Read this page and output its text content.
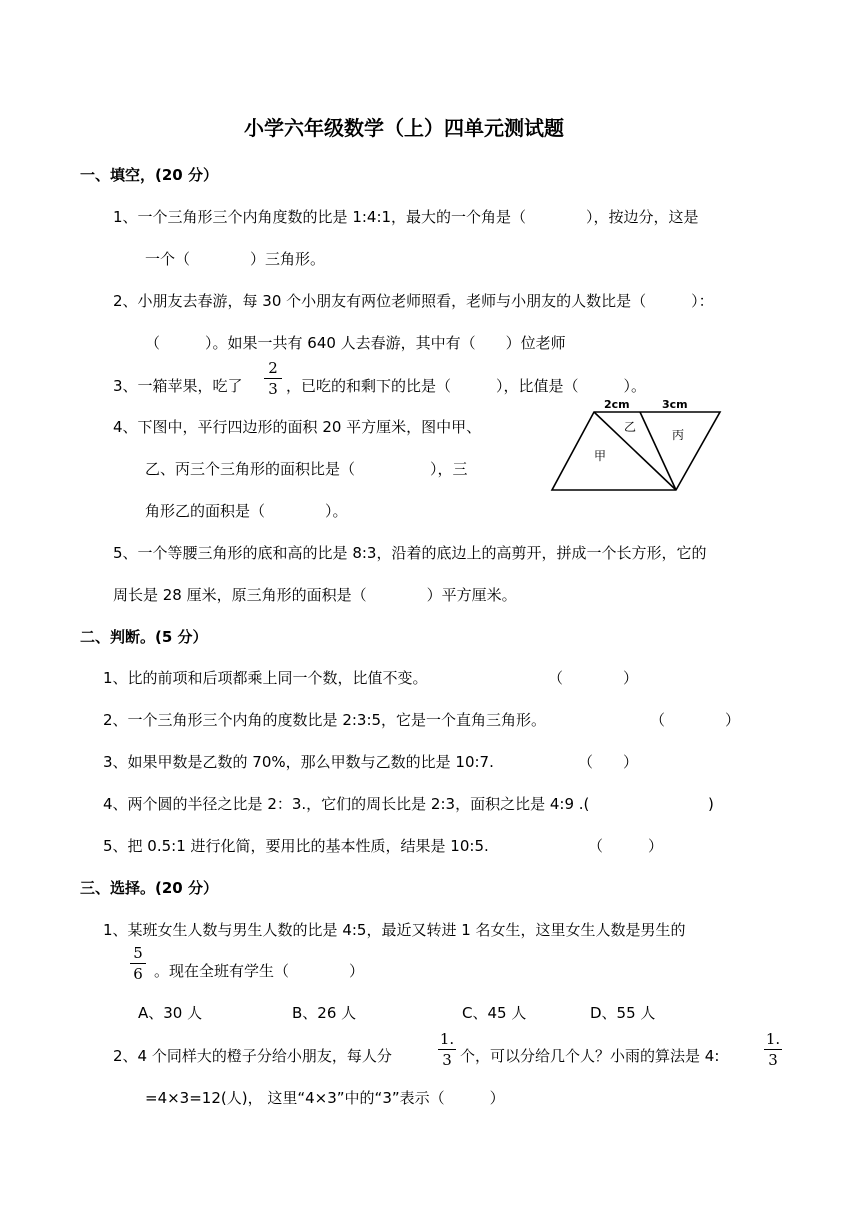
小学六年级数学（上）四单元测试题
一、填空，(20 分）
1、一个三角形三个内角度数的比是 1:4:1，最大的一个角是（　　　　），按边分，这是
一个（　　　　）三角形。
2、小朋友去春游，每 30 个小朋友有两位老师照看，老师与小朋友的人数比是（　　　）：
（　　　）。如果一共有 640 人去春游，其中有（　　）位老师
3、一箱苹果，吃了
2
3 ，已吃的和剩下的比是（　　　），比值是（　　　）。
4、下图中，平行四边形的面积 20 平方厘米，图中甲、
乙、丙三个三角形的面积比是（　　　　　），三
角形乙的面积是（　　　　）。
2cm	3cm
甲
乙
丙
5、一个等腰三角形的底和高的比是 8:3，沿着的底边上的高剪开，拼成一个长方形，它的
周长是 28 厘米，原三角形的面积是（　　　　）平方厘米。
二、判断。(5 分）
1、比的前项和后项都乘上同一个数，比值不变。	（　　　　）
2、一个三角形三个内角的度数比是 2:3:5，它是一个直角三角形。	（　　　　）
3、如果甲数是乙数的 70%，那么甲数与乙数的比是 10:7.	（　　）
4、两个圆的半径之比是 2：3.，它们的周长比是 2:3，面积之比是 4:9 .(	)
5、把 0.5:1 进行化简，要用比的基本性质，结果是 10:5.	（　　　）
三、选择。(20 分）
1、某班女生人数与男生人数的比是 4:5，最近又转进 1 名女生，这里女生人数是男生的
5
6 。现在全班有学生（　　　　）
A、30 人	B、26 人	C、45 人	D、55 人
2、4 个同样大的橙子分给小朋友，每人分
1.
3 个，可以分给几个人？小雨的算法是 4:
1.
3
=4×3=12(人)， 这里“4×3”中的“3”表示（　　　）
